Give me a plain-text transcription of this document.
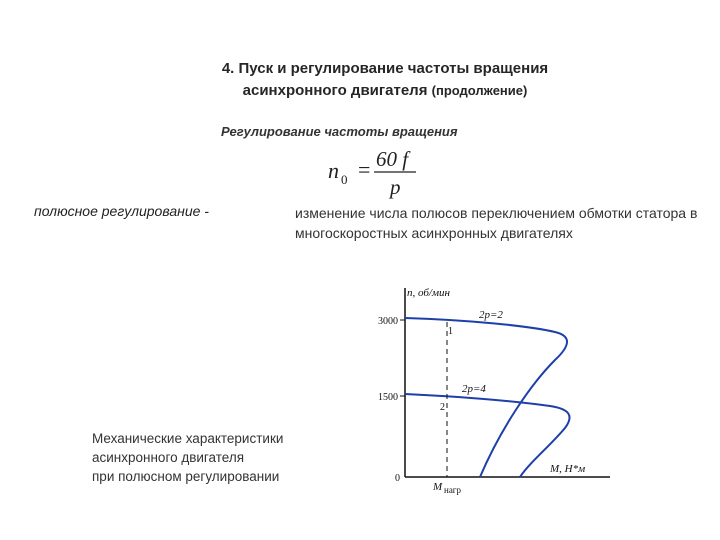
4. Пуск и регулирование частоты вращения
асинхронного двигателя (продолжение)
Регулирование частоты вращения
n 0 = 60 f
p
полюсное регулирование -	изменение числа полюсов переключением обмотки статора в многоскоростных асинхронных двигателях
Механические характеристики
асинхронного двигателя
при полюсном регулировании
n, об/мин
M, Н*м
3000
1500
0
2p=2
2p=4
1
2
M нагр
